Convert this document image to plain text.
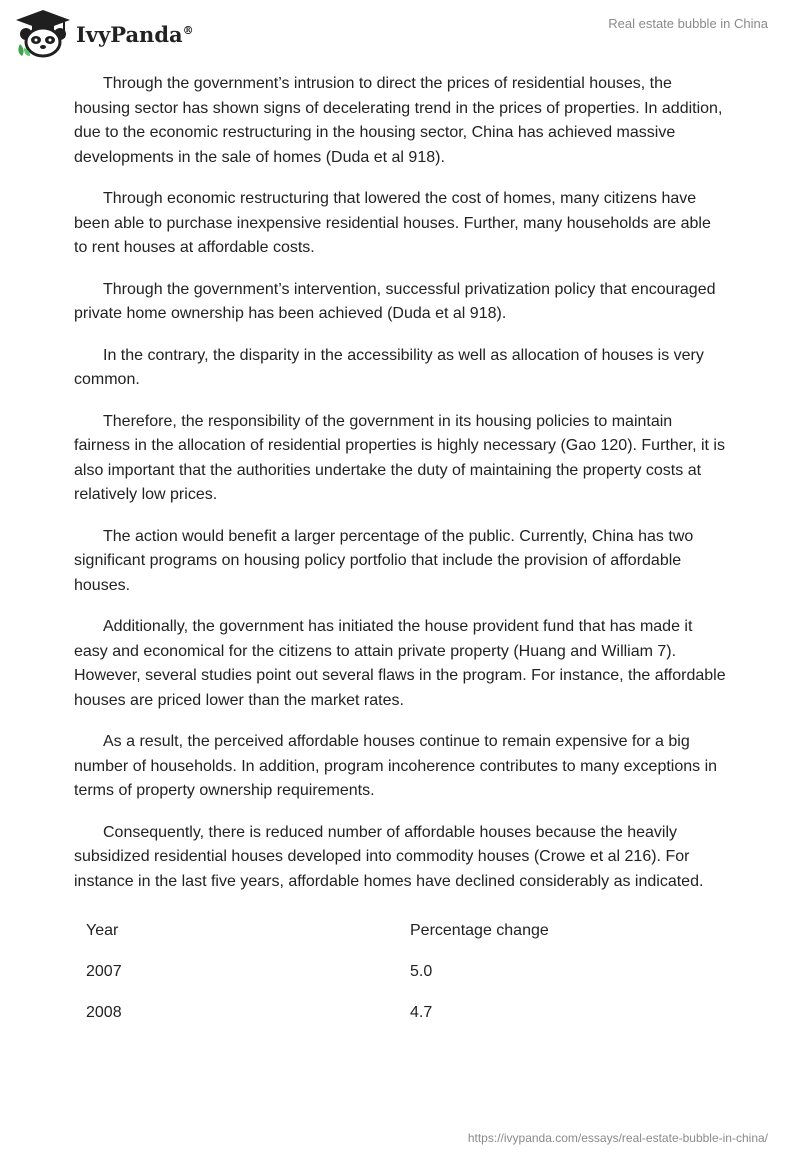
IvyPanda®	Real estate bubble in China

Through the government’s intrusion to direct the prices of residential houses, the housing sector has shown signs of decelerating trend in the prices of properties. In addition, due to the economic restructuring in the housing sector, China has achieved massive developments in the sale of homes (Duda et al 918).

Through economic restructuring that lowered the cost of homes, many citizens have been able to purchase inexpensive residential houses. Further, many households are able to rent houses at affordable costs.

Through the government’s intervention, successful privatization policy that encouraged private home ownership has been achieved (Duda et al 918).

In the contrary, the disparity in the accessibility as well as allocation of houses is very common.

Therefore, the responsibility of the government in its housing policies to maintain fairness in the allocation of residential properties is highly necessary (Gao 120). Further, it is also important that the authorities undertake the duty of maintaining the property costs at relatively low prices.

The action would benefit a larger percentage of the public. Currently, China has two significant programs on housing policy portfolio that include the provision of affordable houses.

Additionally, the government has initiated the house provident fund that has made it easy and economical for the citizens to attain private property (Huang and William 7). However, several studies point out several flaws in the program. For instance, the affordable houses are priced lower than the market rates.

As a result, the perceived affordable houses continue to remain expensive for a big number of households. In addition, program incoherence contributes to many exceptions in terms of property ownership requirements.

Consequently, there is reduced number of affordable houses because the heavily subsidized residential houses developed into commodity houses (Crowe et al 216). For instance in the last five years, affordable homes have declined considerably as indicated.

Year	Percentage change
2007	5.0
2008	4.7
https://ivypanda.com/essays/real-estate-bubble-in-china/
